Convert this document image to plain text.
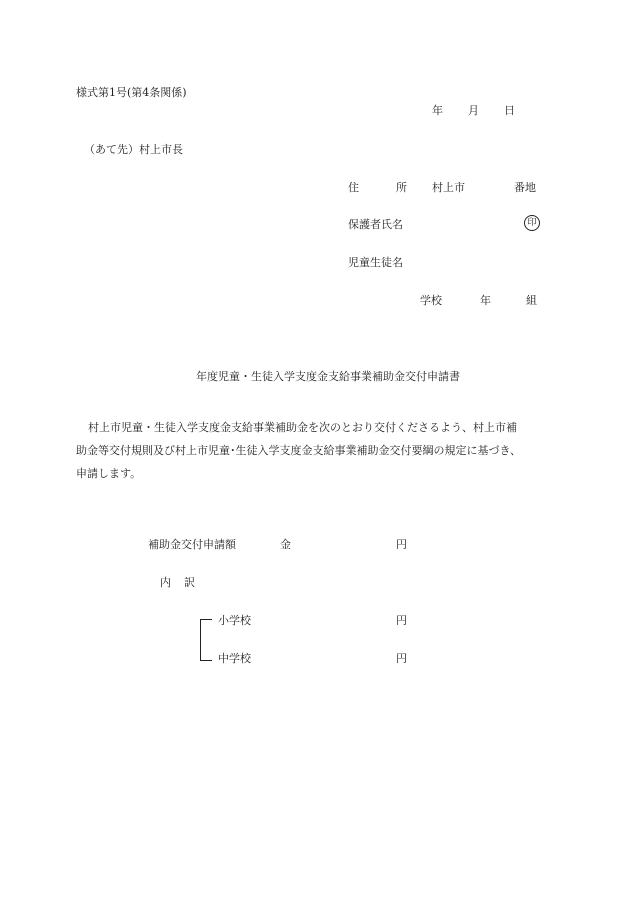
様式第1号(第4条関係)
年 月 日
（あて先）村上市長
住	所 村上市	番地
保護者氏名	印
児童生徒名
学校	年	組
年度児童・生徒入学支度金支給事業補助金交付申請書
村上市児童・生徒入学支度金支給事業補助金を次のとおり交付くださるよう、村上市補
助金等交付規則及び村上市児童･生徒入学支度金支給事業補助金交付要綱の規定に基づき、
申請します。
補助金交付申請額	金	円
内 訳
小学校	円
中学校	円
